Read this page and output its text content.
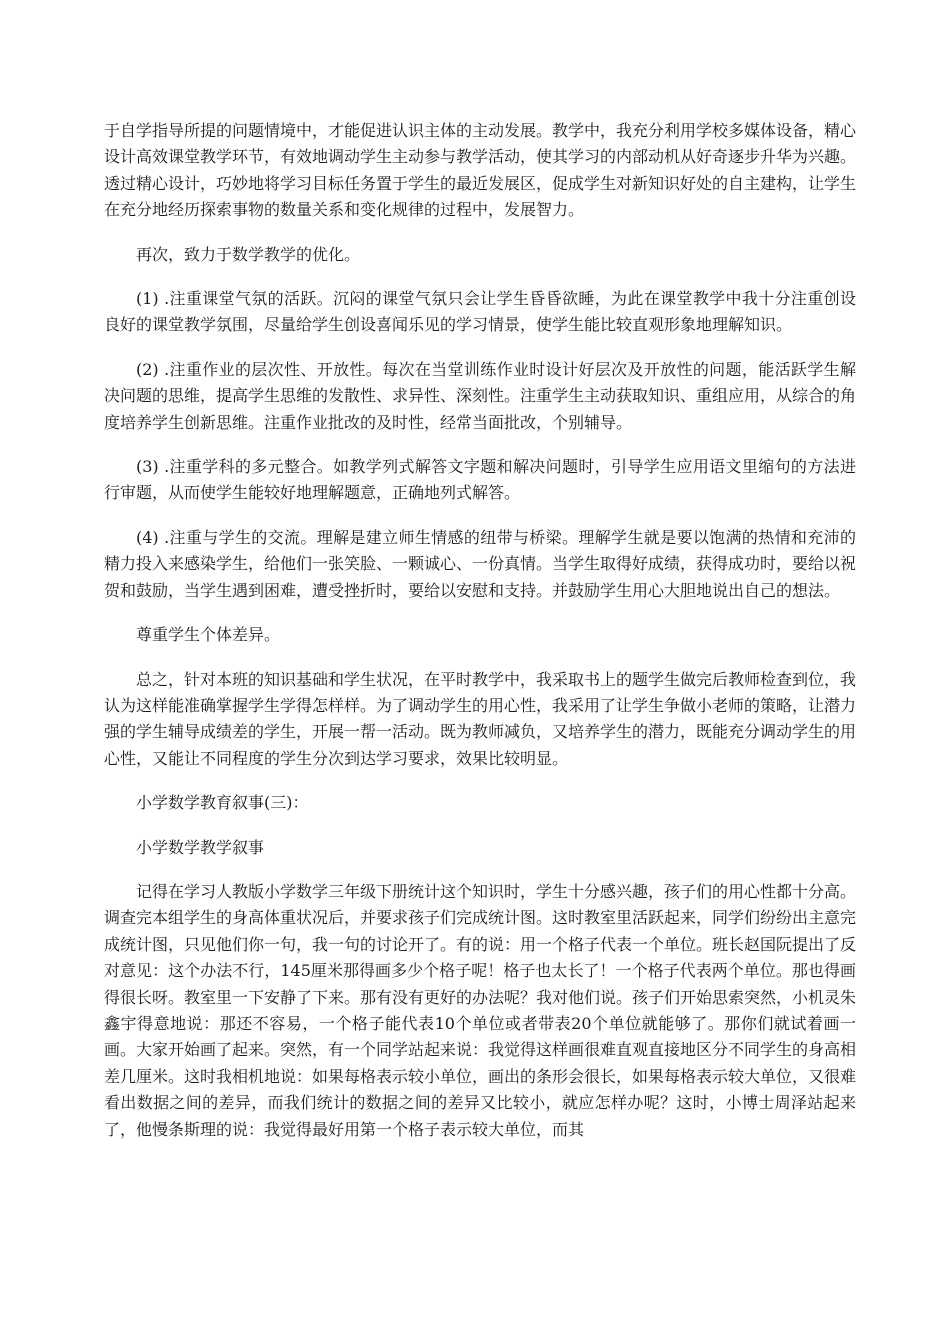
于自学指导所提的问题情境中，才能促进认识主体的主动发展。教学中，我充分利用学校多媒体设备，精心设计高效课堂教学环节，有效地调动学生主动参与教学活动，使其学习的内部动机从好奇逐步升华为兴趣。透过精心设计，巧妙地将学习目标任务置于学生的最近发展区，促成学生对新知识好处的自主建构，让学生在充分地经历探索事物的数量关系和变化规律的过程中，发展智力。

再次，致力于数学教学的优化。

(1) .注重课堂气氛的活跃。沉闷的课堂气氛只会让学生昏昏欲睡，为此在课堂教学中我十分注重创设良好的课堂教学氛围，尽量给学生创设喜闻乐见的学习情景，使学生能比较直观形象地理解知识。

(2) .注重作业的层次性、开放性。每次在当堂训练作业时设计好层次及开放性的问题，能活跃学生解决问题的思维，提高学生思维的发散性、求异性、深刻性。注重学生主动获取知识、重组应用，从综合的角度培养学生创新思维。注重作业批改的及时性，经常当面批改，个别辅导。

(3) .注重学科的多元整合。如教学列式解答文字题和解决问题时，引导学生应用语文里缩句的方法进行审题，从而使学生能较好地理解题意，正确地列式解答。

(4) .注重与学生的交流。理解是建立师生情感的纽带与桥梁。理解学生就是要以饱满的热情和充沛的精力投入来感染学生，给他们一张笑脸、一颗诚心、一份真情。当学生取得好成绩，获得成功时，要给以祝贺和鼓励，当学生遇到困难，遭受挫折时，要给以安慰和支持。并鼓励学生用心大胆地说出自己的想法。

尊重学生个体差异。

总之，针对本班的知识基础和学生状况，在平时教学中，我采取书上的题学生做完后教师检查到位，我认为这样能准确掌握学生学得怎样样。为了调动学生的用心性，我采用了让学生争做小老师的策略，让潜力强的学生辅导成绩差的学生，开展一帮一活动。既为教师减负，又培养学生的潜力，既能充分调动学生的用心性，又能让不同程度的学生分次到达学习要求，效果比较明显。

小学数学教育叙事(三)：

小学数学教学叙事

记得在学习人教版小学数学三年级下册统计这个知识时，学生十分感兴趣，孩子们的用心性都十分高。调查完本组学生的身高体重状况后，并要求孩子们完成统计图。这时教室里活跃起来，同学们纷纷出主意完成统计图，只见他们你一句，我一句的讨论开了。有的说：用一个格子代表一个单位。班长赵国阮提出了反对意见：这个办法不行，145厘米那得画多少个格子呢！格子也太长了！一个格子代表两个单位。那也得画得很长呀。教室里一下安静了下来。那有没有更好的办法呢？我对他们说。孩子们开始思索突然，小机灵朱鑫宇得意地说：那还不容易，一个格子能代表10个单位或者带表20个单位就能够了。那你们就试着画一画。大家开始画了起来。突然，有一个同学站起来说：我觉得这样画很难直观直接地区分不同学生的身高相差几厘米。这时我相机地说：如果每格表示较小单位，画出的条形会很长，如果每格表示较大单位，又很难看出数据之间的差异，而我们统计的数据之间的差异又比较小，就应怎样办呢？这时，小博士周泽站起来了，他慢条斯理的说：我觉得最好用第一个格子表示较大单位，而其
